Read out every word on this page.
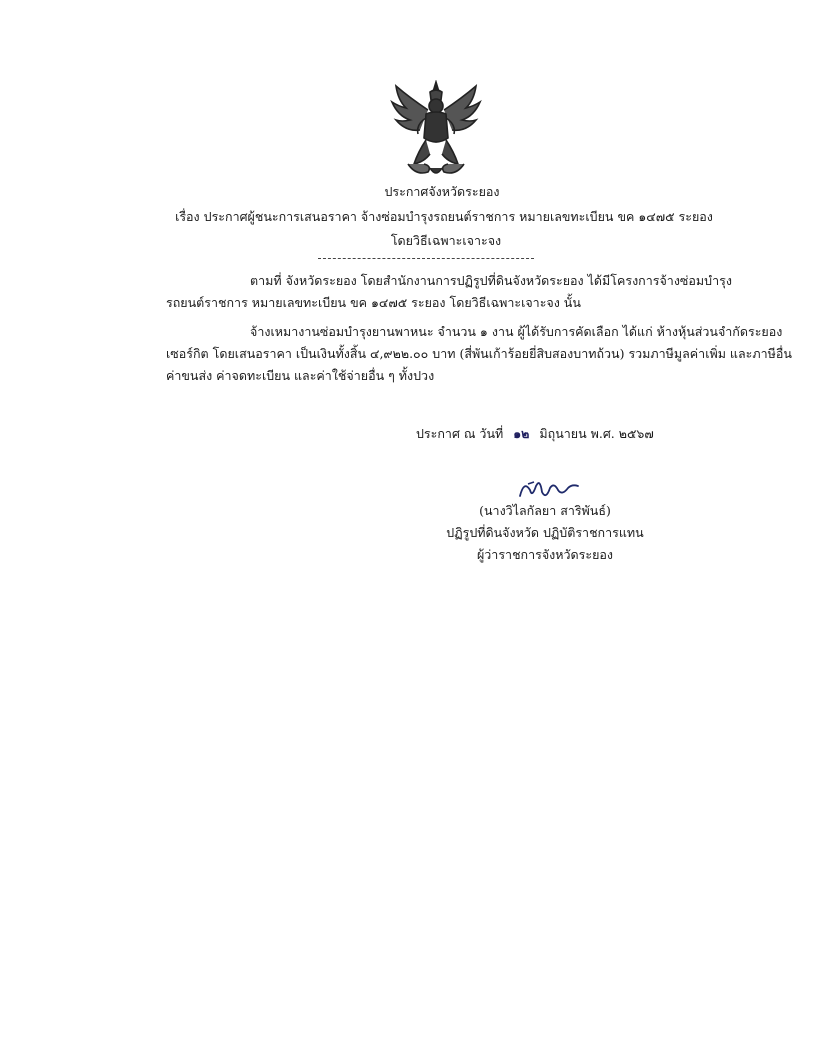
ประกาศจังหวัดระยอง
เรื่อง ประกาศผู้ชนะการเสนอราคา จ้างซ่อมบำรุงรถยนต์ราชการ หมายเลขทะเบียน ขค ๑๔๗๕ ระยอง
โดยวิธีเฉพาะเจาะจง
ตามที่ จังหวัดระยอง โดยสำนักงานการปฏิรูปที่ดินจังหวัดระยอง ได้มีโครงการจ้างซ่อมบำรุง
รถยนต์ราชการ หมายเลขทะเบียน ขค ๑๔๗๕ ระยอง โดยวิธีเฉพาะเจาะจง นั้น
จ้างเหมางานซ่อมบำรุงยานพาหนะ จำนวน ๑ งาน ผู้ได้รับการคัดเลือก ได้แก่ ห้างหุ้นส่วนจำกัดระยอง
เซอร์กิต โดยเสนอราคา เป็นเงินทั้งสิ้น ๔,๙๒๒.๐๐ บาท (สี่พันเก้าร้อยยี่สิบสองบาทถ้วน) รวมภาษีมูลค่าเพิ่ม และภาษีอื่น
ค่าขนส่ง ค่าจดทะเบียน และค่าใช้จ่ายอื่น ๆ ทั้งปวง
ประกาศ ณ วันที่ ๑๒ มิถุนายน พ.ศ. ๒๕๖๗
(นางวิไลกัลยา สาริพันธ์)
ปฏิรูปที่ดินจังหวัด ปฏิบัติราชการแทน
ผู้ว่าราชการจังหวัดระยอง
